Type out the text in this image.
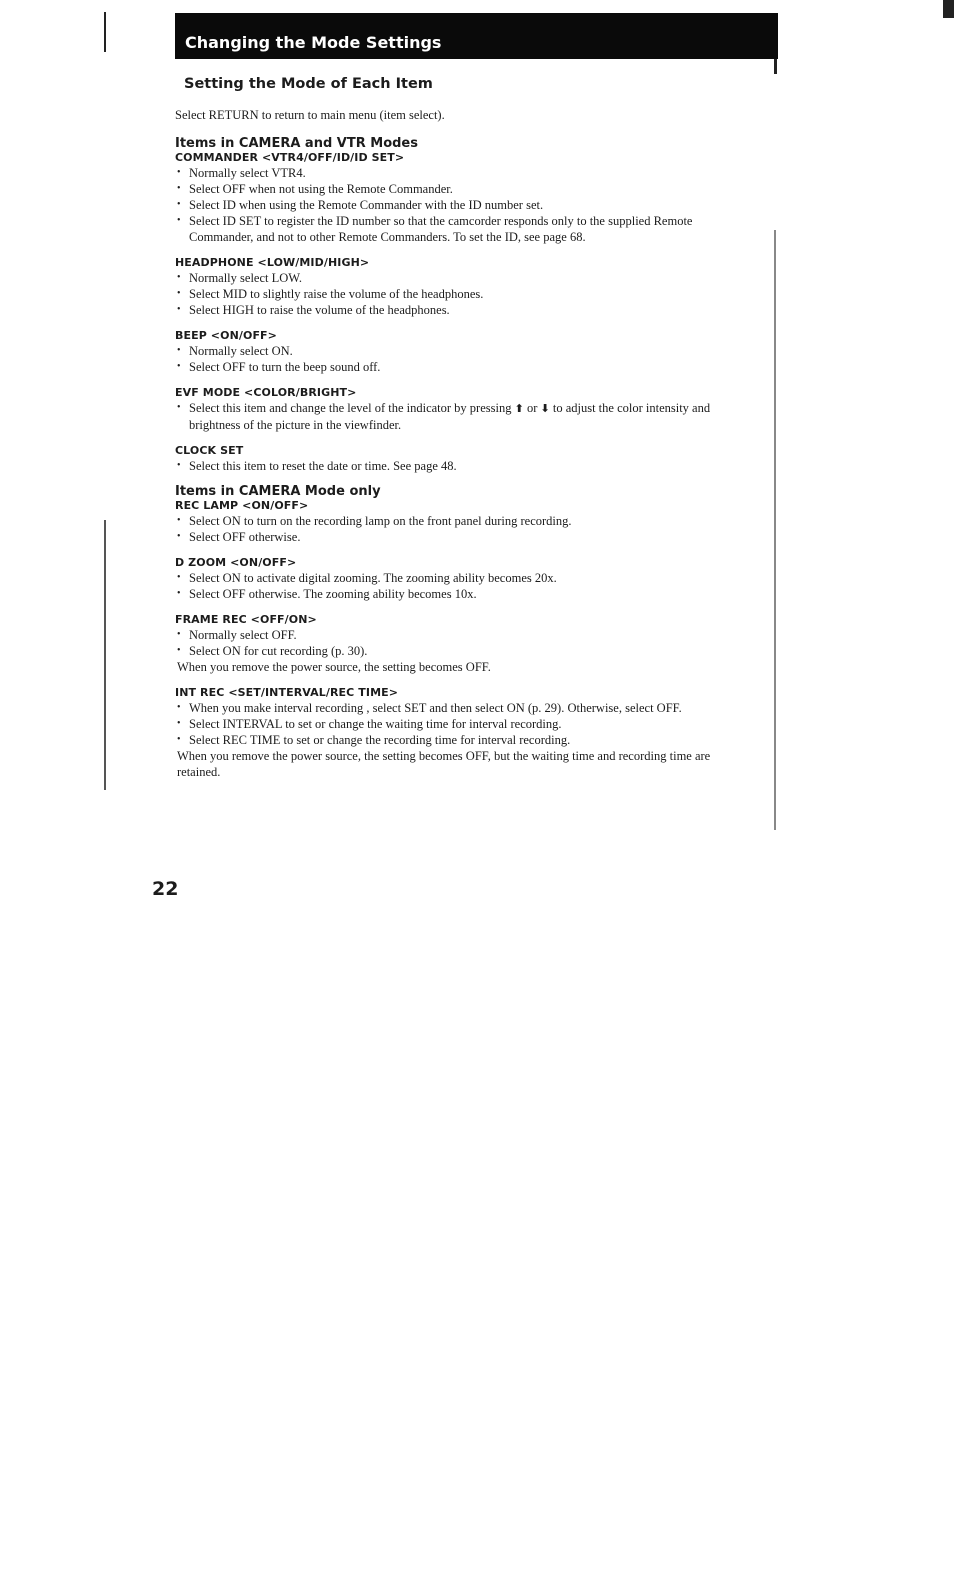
Changing the Mode Settings
Setting the Mode of Each Item

Select RETURN to return to main menu (item select).

Items in CAMERA and VTR Modes
COMMANDER <VTR4/OFF/ID/ID SET>
• Normally select VTR4.
• Select OFF when not using the Remote Commander.
• Select ID when using the Remote Commander with the ID number set.
• Select ID SET to register the ID number so that the camcorder responds only to the supplied Remote Commander, and not to other Remote Commanders. To set the ID, see page 68.
HEADPHONE <LOW/MID/HIGH>
• Normally select LOW.
• Select MID to slightly raise the volume of the headphones.
• Select HIGH to raise the volume of the headphones.
BEEP <ON/OFF>
• Normally select ON.
• Select OFF to turn the beep sound off.
EVF MODE <COLOR/BRIGHT>
• Select this item and change the level of the indicator by pressing ⬆ or ⬇ to adjust the color intensity and brightness of the picture in the viewfinder.
CLOCK SET
• Select this item to reset the date or time. See page 48.
Items in CAMERA Mode only
REC LAMP <ON/OFF>
• Select ON to turn on the recording lamp on the front panel during recording.
• Select OFF otherwise.
D ZOOM <ON/OFF>
• Select ON to activate digital zooming. The zooming ability becomes 20x.
• Select OFF otherwise. The zooming ability becomes 10x.
FRAME REC <OFF/ON>
• Normally select OFF.
• Select ON for cut recording (p. 30).

When you remove the power source, the setting becomes OFF.

INT REC <SET/INTERVAL/REC TIME>
• When you make interval recording , select SET and then select ON (p. 29). Otherwise, select OFF.
• Select INTERVAL to set or change the waiting time for interval recording.
• Select REC TIME to set or change the recording time for interval recording.

When you remove the power source, the setting becomes OFF, but the waiting time and recording time are retained.

22
